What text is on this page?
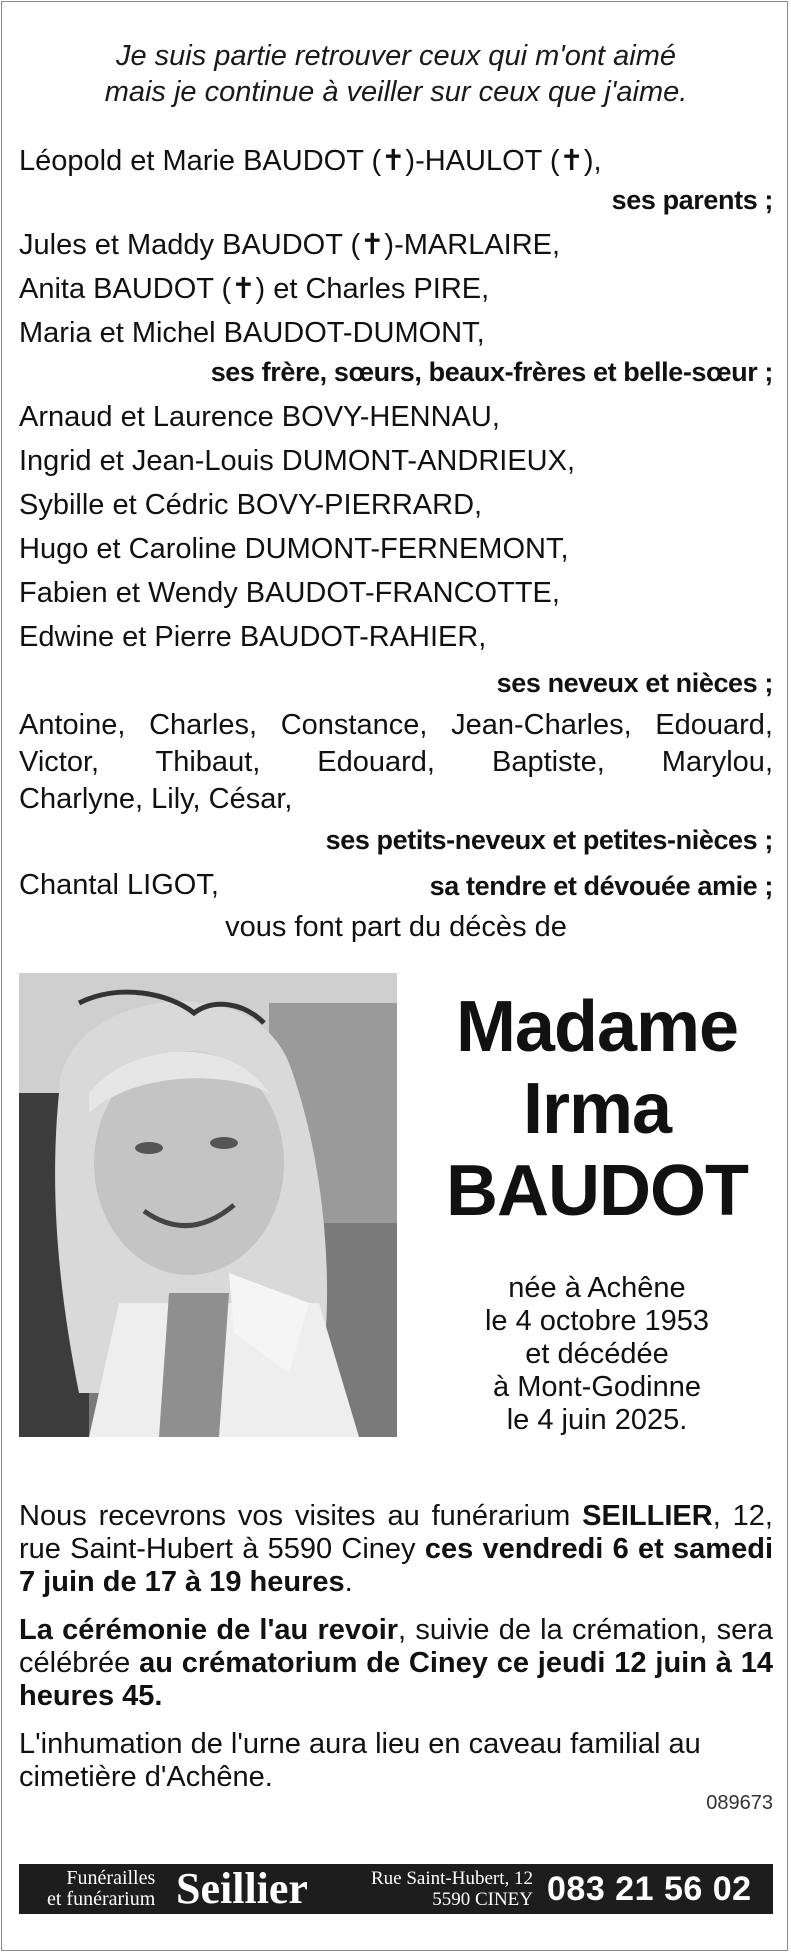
Je suis partie retrouver ceux qui m'ont aimé
mais je continue à veiller sur ceux que j'aime.
Léopold et Marie BAUDOT (✝)-HAULOT (✝),
ses parents ;
Jules et Maddy BAUDOT (✝)-MARLAIRE,
Anita BAUDOT (✝) et Charles PIRE,
Maria et Michel BAUDOT-DUMONT,
ses frère, sœurs, beaux-frères et belle-sœur ;
Arnaud et Laurence BOVY-HENNAU,
Ingrid et Jean-Louis DUMONT-ANDRIEUX,
Sybille et Cédric BOVY-PIERRARD,
Hugo et Caroline DUMONT-FERNEMONT,
Fabien et Wendy BAUDOT-FRANCOTTE,
Edwine et Pierre BAUDOT-RAHIER,
ses neveux et nièces ;
Antoine, Charles, Constance, Jean-Charles, Edouard,
Victor, Thibaut, Edouard, Baptiste, Marylou,
Charlyne, Lily, César,
ses petits-neveux et petites-nièces ;
Chantal LIGOT,	sa tendre et dévouée amie ;
vous font part du décès de
Nous recevrons vos visites au funérarium SEILLIER, 12, rue Saint-Hubert à 5590 Ciney ces vendredi 6 et samedi 7 juin de 17 à 19 heures.
La cérémonie de l'au revoir, suivie de la crémation, sera célébrée au crématorium de Ciney ce jeudi 12 juin à 14 heures 45.
L'inhumation de l'urne aura lieu en caveau familial au cimetière d'Achêne.
089673
Madame
Irma
BAUDOT
née à Achêne
le 4 octobre 1953
et décédée
à Mont-Godinne
le 4 juin 2025.
Funérailles
et funérarium Seillier	Rue Saint-Hubert, 12
5590 CINEY 083 21 56 02
